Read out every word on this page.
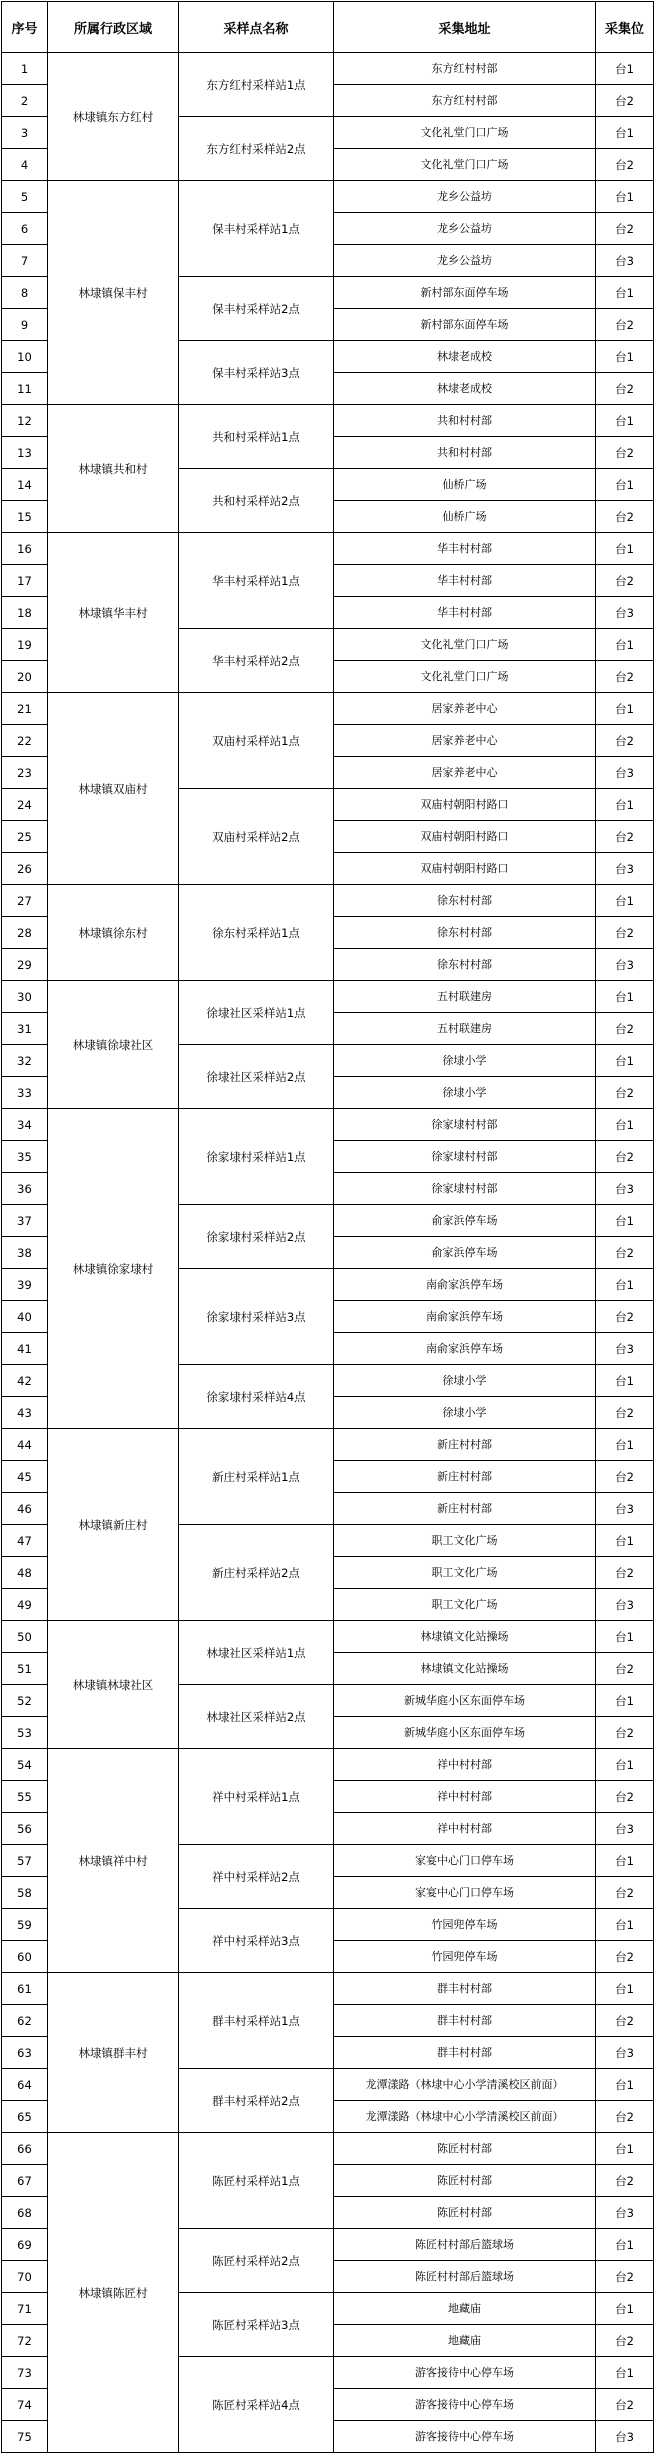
序号	所属行政区域	采样点名称	采集地址	采集位
1	林埭镇东方红村	东方红村采样站1点	东方红村村部	台1
2			东方红村村部	台2
3		东方红村采样站2点	文化礼堂门口广场	台1
4			文化礼堂门口广场	台2
5	林埭镇保丰村	保丰村采样站1点	龙乡公益坊	台1
6			龙乡公益坊	台2
7			龙乡公益坊	台3
8		保丰村采样站2点	新村部东面停车场	台1
9			新村部东面停车场	台2
10		保丰村采样站3点	林埭老成校	台1
11			林埭老成校	台2
12	林埭镇共和村	共和村采样站1点	共和村村部	台1
13			共和村村部	台2
14		共和村采样站2点	仙桥广场	台1
15			仙桥广场	台2
16	林埭镇华丰村	华丰村采样站1点	华丰村村部	台1
17			华丰村村部	台2
18			华丰村村部	台3
19		华丰村采样站2点	文化礼堂门口广场	台1
20			文化礼堂门口广场	台2
21	林埭镇双庙村	双庙村采样站1点	居家养老中心	台1
22			居家养老中心	台2
23			居家养老中心	台3
24		双庙村采样站2点	双庙村朝阳村路口	台1
25			双庙村朝阳村路口	台2
26			双庙村朝阳村路口	台3
27	林埭镇徐东村	徐东村采样站1点	徐东村村部	台1
28			徐东村村部	台2
29			徐东村村部	台3
30	林埭镇徐埭社区	徐埭社区采样站1点	五村联建房	台1
31			五村联建房	台2
32		徐埭社区采样站2点	徐埭小学	台1
33			徐埭小学	台2
34	林埭镇徐家埭村	徐家埭村采样站1点	徐家埭村村部	台1
35			徐家埭村村部	台2
36			徐家埭村村部	台3
37		徐家埭村采样站2点	俞家浜停车场	台1
38			俞家浜停车场	台2
39		徐家埭村采样站3点	南俞家浜停车场	台1
40			南俞家浜停车场	台2
41			南俞家浜停车场	台3
42		徐家埭村采样站4点	徐埭小学	台1
43			徐埭小学	台2
44	林埭镇新庄村	新庄村采样站1点	新庄村村部	台1
45			新庄村村部	台2
46			新庄村村部	台3
47		新庄村采样站2点	职工文化广场	台1
48			职工文化广场	台2
49			职工文化广场	台3
50	林埭镇林埭社区	林埭社区采样站1点	林埭镇文化站操场	台1
51			林埭镇文化站操场	台2
52		林埭社区采样站2点	新城华庭小区东面停车场	台1
53			新城华庭小区东面停车场	台2
54	林埭镇祥中村	祥中村采样站1点	祥中村村部	台1
55			祥中村村部	台2
56			祥中村村部	台3
57		祥中村采样站2点	家宴中心门口停车场	台1
58			家宴中心门口停车场	台2
59		祥中村采样站3点	竹园兜停车场	台1
60			竹园兜停车场	台2
61	林埭镇群丰村	群丰村采样站1点	群丰村村部	台1
62			群丰村村部	台2
63			群丰村村部	台3
64		群丰村采样站2点	龙潭漾路（林埭中心小学清溪校区前面）	台1
65			龙潭漾路（林埭中心小学清溪校区前面）	台2
66	林埭镇陈匠村	陈匠村采样站1点	陈匠村村部	台1
67			陈匠村村部	台2
68			陈匠村村部	台3
69		陈匠村采样站2点	陈匠村村部后篮球场	台1
70			陈匠村村部后篮球场	台2
71		陈匠村采样站3点	地藏庙	台1
72			地藏庙	台2
73		陈匠村采样站4点	游客接待中心停车场	台1
74			游客接待中心停车场	台2
75			游客接待中心停车场	台3
